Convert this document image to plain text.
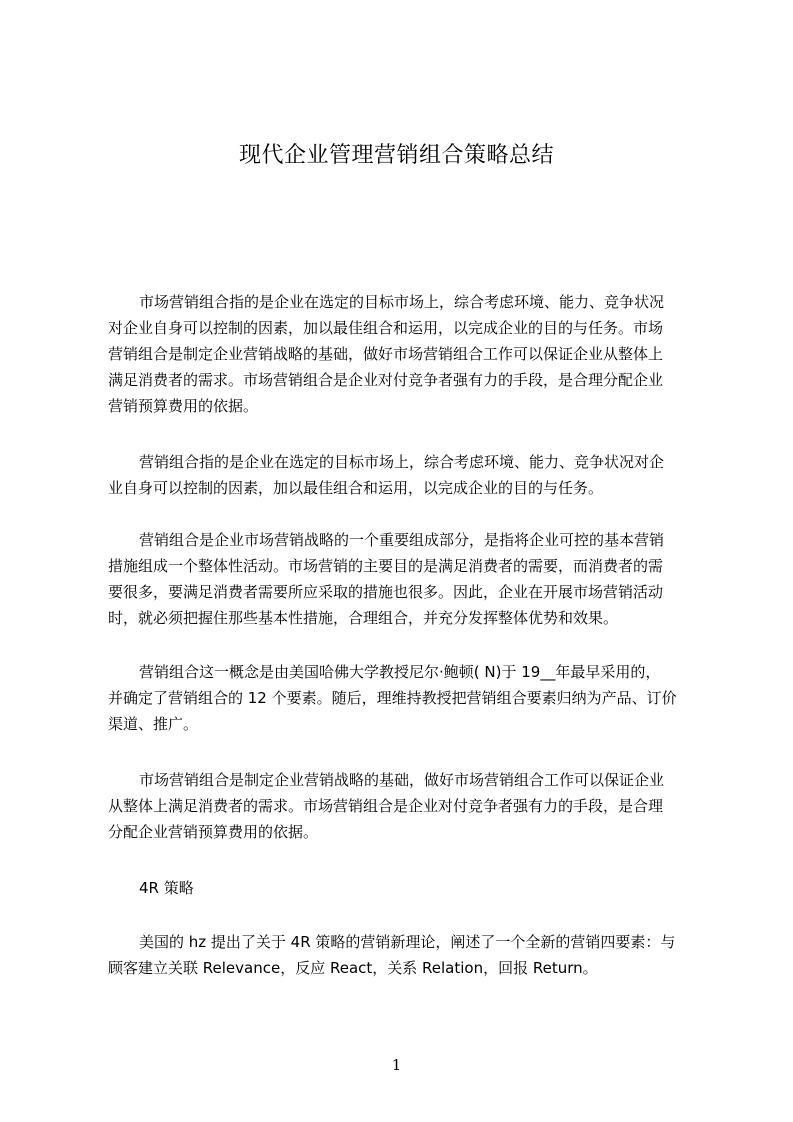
现代企业管理营销组合策略总结
市场营销组合指的是企业在选定的目标市场上，综合考虑环境、能力、竞争状况
对企业自身可以控制的因素，加以最佳组合和运用，以完成企业的目的与任务。市场
营销组合是制定企业营销战略的基础，做好市场营销组合工作可以保证企业从整体上
满足消费者的需求。市场营销组合是企业对付竞争者强有力的手段，是合理分配企业
营销预算费用的依据。
营销组合指的是企业在选定的目标市场上，综合考虑环境、能力、竞争状况对企
业自身可以控制的因素，加以最佳组合和运用，以完成企业的目的与任务。
营销组合是企业市场营销战略的一个重要组成部分，是指将企业可控的基本营销
措施组成一个整体性活动。市场营销的主要目的是满足消费者的需要，而消费者的需
要很多，要满足消费者需要所应采取的措施也很多。因此，企业在开展市场营销活动
时，就必须把握住那些基本性措施，合理组合，并充分发挥整体优势和效果。
营销组合这一概念是由美国哈佛大学教授尼尔·鲍顿( N)于 19__年最早采用的，
并确定了营销组合的 12 个要素。随后，理维持教授把营销组合要素归纳为产品、订价
渠道、推广。
市场营销组合是制定企业营销战略的基础，做好市场营销组合工作可以保证企业
从整体上满足消费者的需求。市场营销组合是企业对付竞争者强有力的手段，是合理
分配企业营销预算费用的依据。
4R 策略
美国的 hz 提出了关于 4R 策略的营销新理论，阐述了一个全新的营销四要素：与
顾客建立关联 Relevance，反应 React，关系 Relation，回报 Return。
1
